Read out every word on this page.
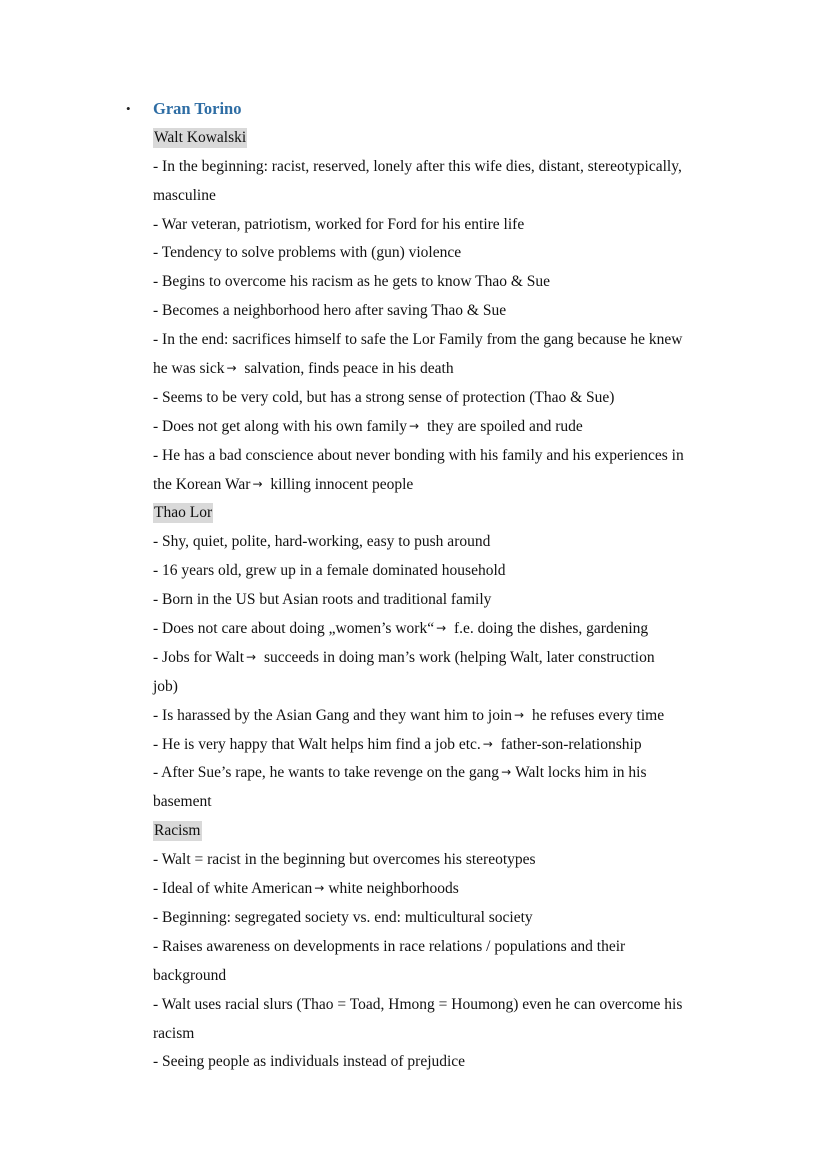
• Gran Torino
Walt Kowalski
- In the beginning: racist, reserved, lonely after this wife dies, distant, stereotypically,
masculine
- War veteran, patriotism, worked for Ford for his entire life
- Tendency to solve problems with (gun) violence
- Begins to overcome his racism as he gets to know Thao & Sue
- Becomes a neighborhood hero after saving Thao & Sue
- In the end: sacrifices himself to safe the Lor Family from the gang because he knew
he was sick → salvation, finds peace in his death
- Seems to be very cold, but has a strong sense of protection (Thao & Sue)
- Does not get along with his own family → they are spoiled and rude
- He has a bad conscience about never bonding with his family and his experiences in
the Korean War → killing innocent people
Thao Lor
- Shy, quiet, polite, hard-working, easy to push around
- 16 years old, grew up in a female dominated household
- Born in the US but Asian roots and traditional family
- Does not care about doing „women’s work“ → f.e. doing the dishes, gardening
- Jobs for Walt → succeeds in doing man’s work (helping Walt, later construction
job)
- Is harassed by the Asian Gang and they want him to join → he refuses every time
- He is very happy that Walt helps him find a job etc. → father-son-relationship
- After Sue’s rape, he wants to take revenge on the gang → Walt locks him in his
basement
Racism
- Walt = racist in the beginning but overcomes his stereotypes
- Ideal of white American → white neighborhoods
- Beginning: segregated society vs. end: multicultural society
- Raises awareness on developments in race relations / populations and their
background
- Walt uses racial slurs (Thao = Toad, Hmong = Houmong) even he can overcome his
racism
- Seeing people as individuals instead of prejudice
